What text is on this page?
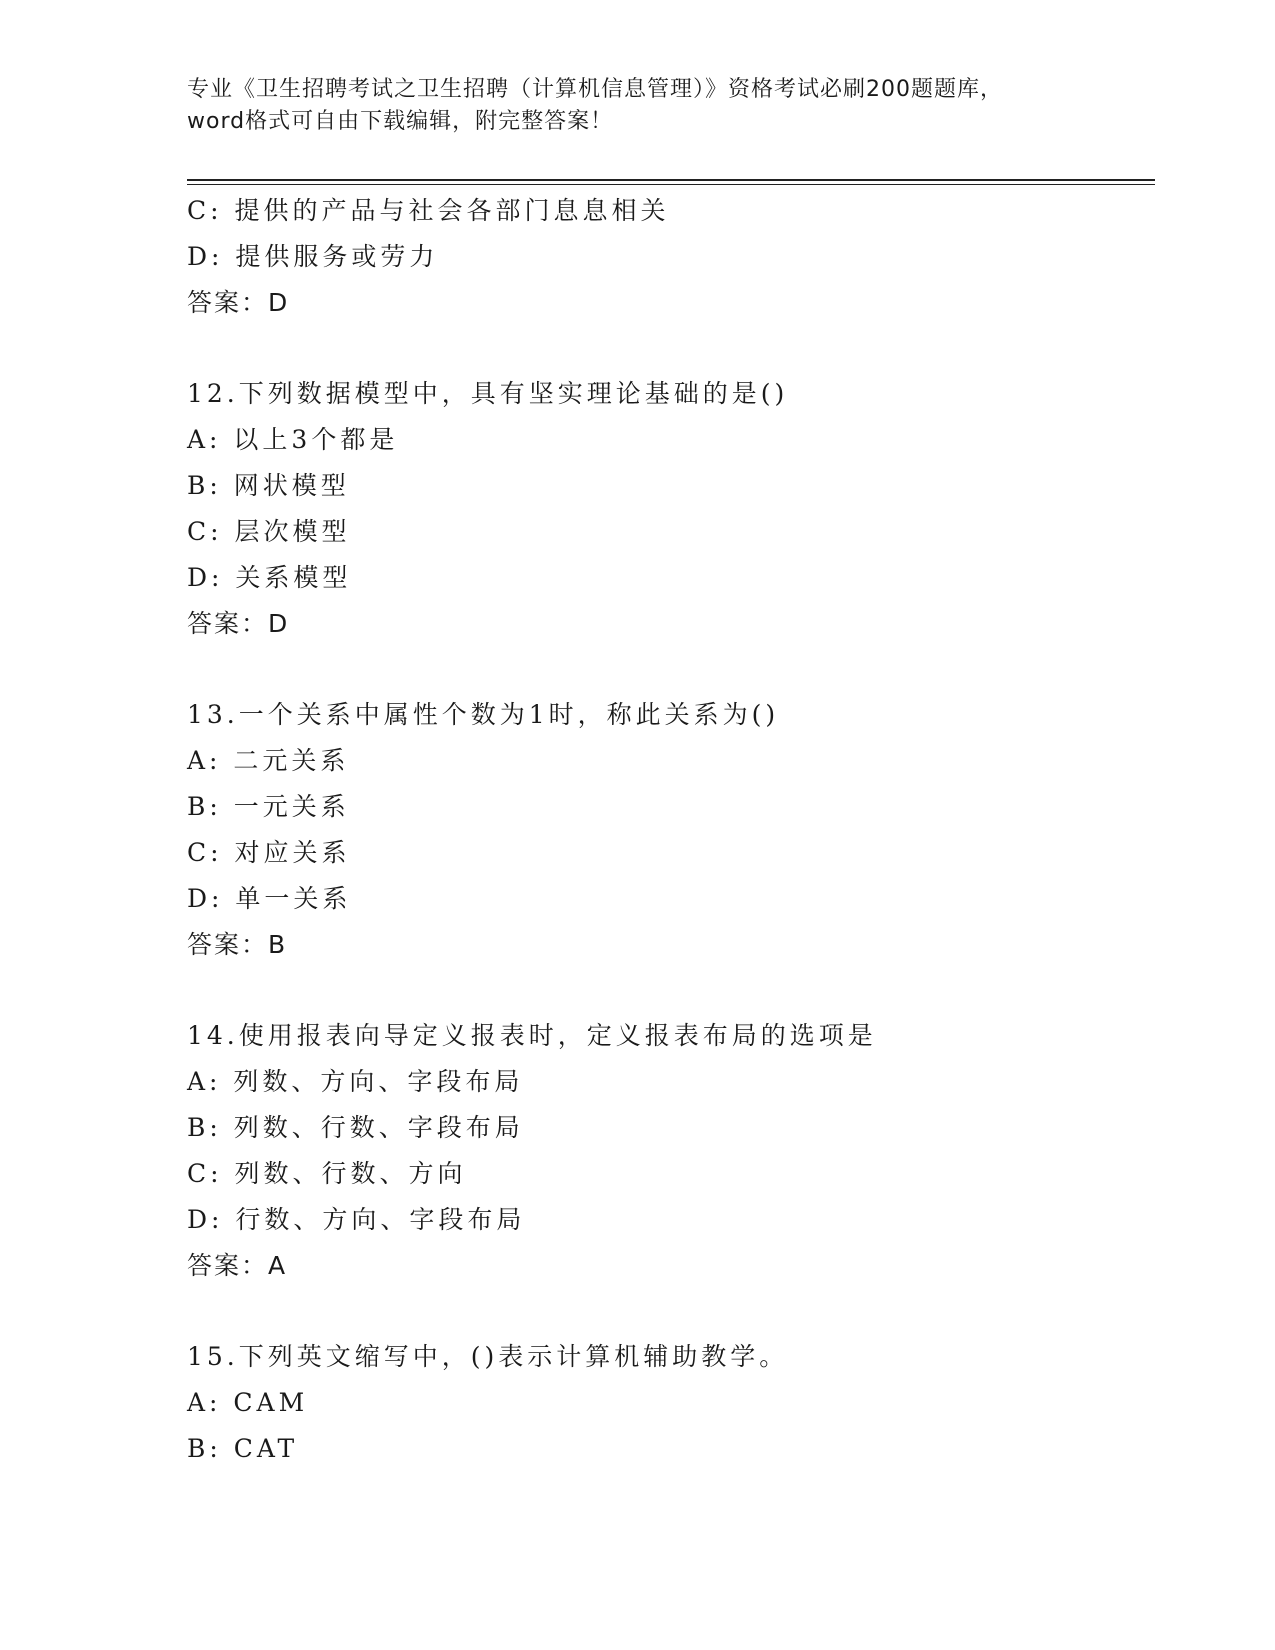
专业《卫生招聘考试之卫生招聘（计算机信息管理）》资格考试必刷200题题库，
word格式可自由下载编辑，附完整答案！
C: 提供的产品与社会各部门息息相关
D: 提供服务或劳力
答案：D
12.下列数据模型中，具有坚实理论基础的是()
A: 以上3个都是
B: 网状模型
C: 层次模型
D: 关系模型
答案：D
13.一个关系中属性个数为1时，称此关系为()
A: 二元关系
B: 一元关系
C: 对应关系
D: 单一关系
答案：B
14.使用报表向导定义报表时，定义报表布局的选项是
A: 列数、方向、字段布局
B: 列数、行数、字段布局
C: 列数、行数、方向
D: 行数、方向、字段布局
答案：A
15.下列英文缩写中，()表示计算机辅助教学。
A: CAM
B: CAT
